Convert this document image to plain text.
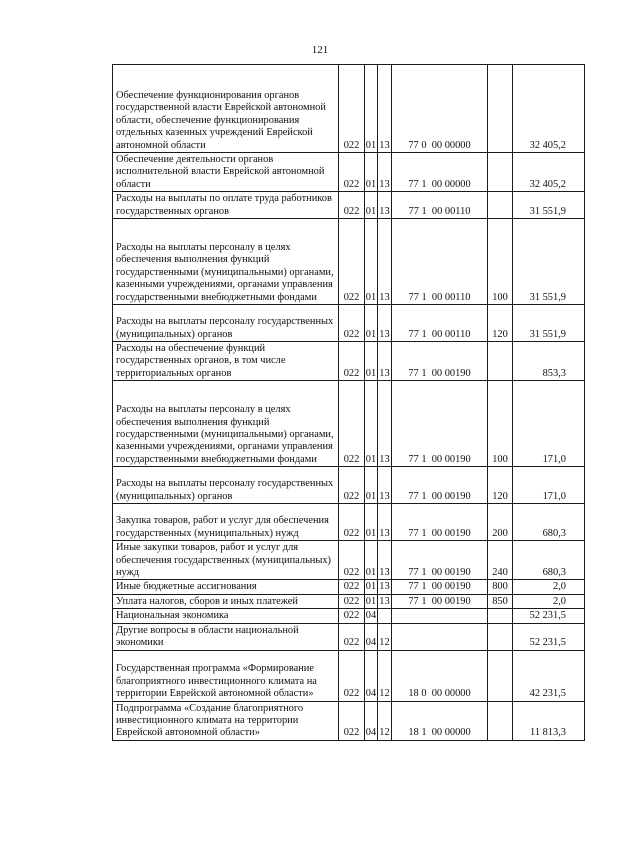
121
Обеспечение функционирования органов государственной власти Еврейской автономной области, обеспечение функционирования отдельных казенных учреждений Еврейской автономной области	022	01	13	77 0  00 00000		32 405,2
Обеспечение деятельности органов исполнительной власти Еврейской автономной области	022	01	13	77 1  00 00000		32 405,2
Расходы на выплаты по оплате труда работников государственных органов	022	01	13	77 1  00 00110		31 551,9
Расходы на выплаты персоналу в целях обеспечения выполнения функций государственными (муниципальными) органами, казенными учреждениями, органами управления государственными внебюджетными фондами	022	01	13	77 1  00 00110	100	31 551,9
Расходы на выплаты персоналу государственных (муниципальных) органов	022	01	13	77 1  00 00110	120	31 551,9
Расходы на обеспечение функций государственных органов, в том числе территориальных органов	022	01	13	77 1  00 00190		853,3
Расходы на выплаты персоналу в целях обеспечения выполнения функций государственными (муниципальными) органами, казенными учреждениями, органами управления государственными внебюджетными фондами	022	01	13	77 1  00 00190	100	171,0
Расходы на выплаты персоналу государственных (муниципальных) органов	022	01	13	77 1  00 00190	120	171,0
Закупка товаров, работ и услуг для обеспечения государственных (муниципальных) нужд	022	01	13	77 1  00 00190	200	680,3
Иные закупки товаров, работ и услуг для обеспечения государственных (муниципальных) нужд	022	01	13	77 1  00 00190	240	680,3
Иные бюджетные ассигнования	022	01	13	77 1  00 00190	800	2,0
Уплата налогов, сборов и иных платежей	022	01	13	77 1  00 00190	850	2,0
Национальная экономика	022	04				52 231,5
Другие вопросы в области национальной экономики	022	04	12			52 231,5
Государственная программа «Формирование благоприятного инвестиционного климата на территории Еврейской автономной области»	022	04	12	18 0  00 00000		42 231,5
Подпрограмма «Создание благоприятного инвестиционного климата на территории Еврейской автономной области»	022	04	12	18 1  00 00000		11 813,3
